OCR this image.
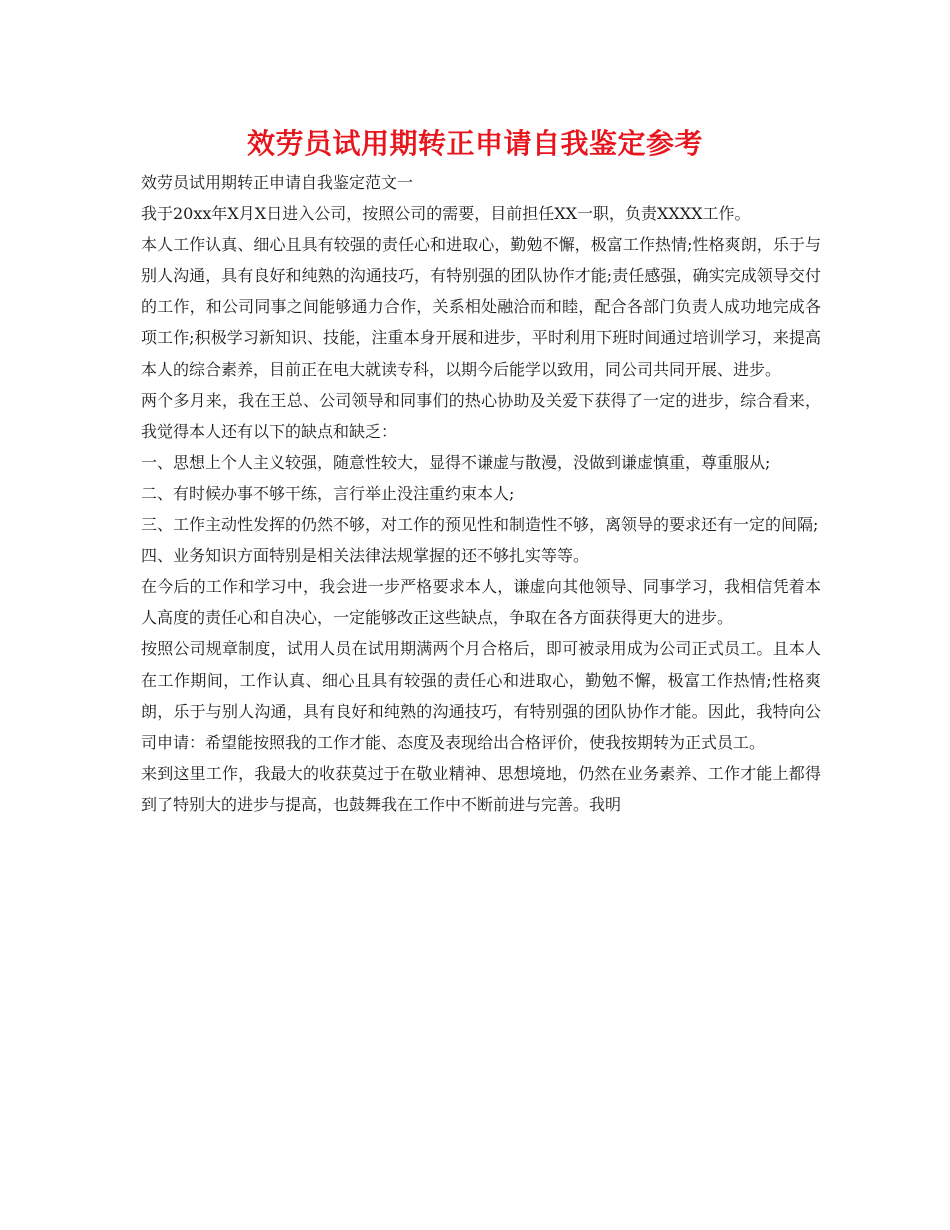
效劳员试用期转正申请自我鉴定参考

效劳员试用期转正申请自我鉴定范文一

我于20xx年X月X日进入公司，按照公司的需要，目前担任XX一职，负责XXXX工作。

本人工作认真、细心且具有较强的责任心和进取心，勤勉不懈，极富工作热情;性格爽朗，乐于与别人沟通，具有良好和纯熟的沟通技巧，有特别强的团队协作才能;责任感强，确实完成领导交付的工作，和公司同事之间能够通力合作，关系相处融洽而和睦，配合各部门负责人成功地完成各项工作;积极学习新知识、技能，注重本身开展和进步，平时利用下班时间通过培训学习，来提高本人的综合素养，目前正在电大就读专科，以期今后能学以致用，同公司共同开展、进步。

两个多月来，我在王总、公司领导和同事们的热心协助及关爱下获得了一定的进步，综合看来，我觉得本人还有以下的缺点和缺乏：

一、思想上个人主义较强，随意性较大，显得不谦虚与散漫，没做到谦虚慎重，尊重服从;

二、有时候办事不够干练，言行举止没注重约束本人;

三、工作主动性发挥的仍然不够，对工作的预见性和制造性不够，离领导的要求还有一定的间隔;

四、业务知识方面特别是相关法律法规掌握的还不够扎实等等。

在今后的工作和学习中，我会进一步严格要求本人，谦虚向其他领导、同事学习，我相信凭着本人高度的责任心和自决心，一定能够改正这些缺点，争取在各方面获得更大的进步。

按照公司规章制度，试用人员在试用期满两个月合格后，即可被录用成为公司正式员工。且本人在工作期间，工作认真、细心且具有较强的责任心和进取心，勤勉不懈，极富工作热情;性格爽朗，乐于与别人沟通，具有良好和纯熟的沟通技巧，有特别强的团队协作才能。因此，我特向公司申请：希望能按照我的工作才能、态度及表现给出合格评价，使我按期转为正式员工。

来到这里工作，我最大的收获莫过于在敬业精神、思想境地，仍然在业务素养、工作才能上都得到了特别大的进步与提高，也鼓舞我在工作中不断前进与完善。我明
